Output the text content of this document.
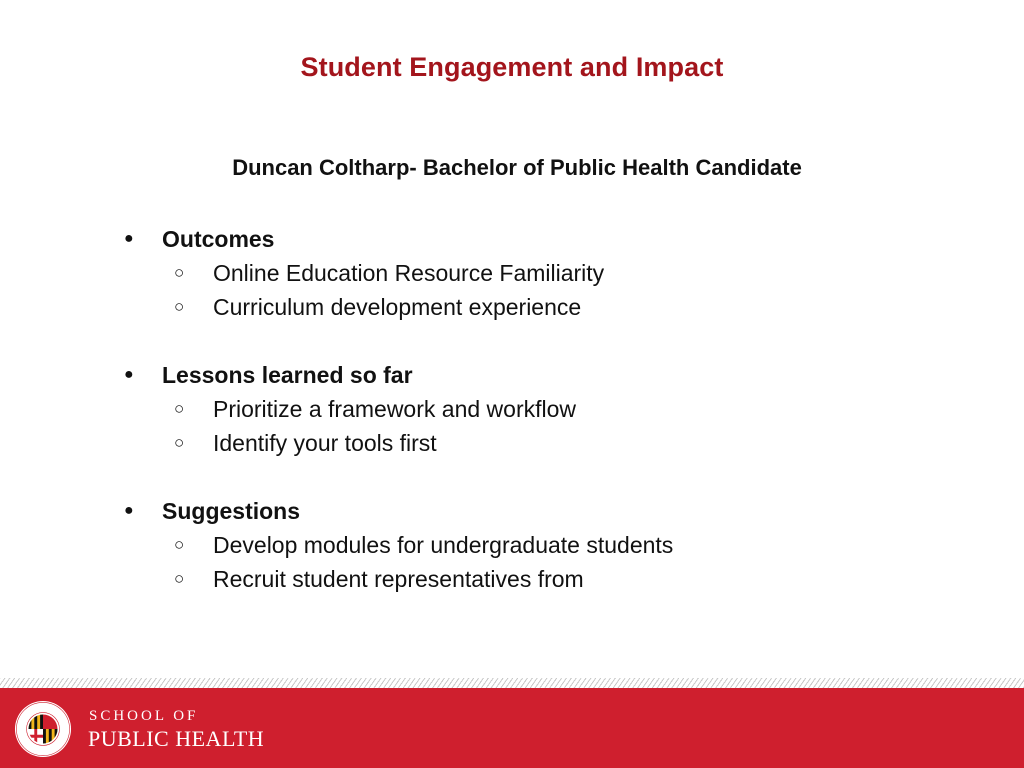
Student Engagement and Impact
Duncan Coltharp- Bachelor of Public Health Candidate
● Outcomes
○ Online Education Resource Familiarity
○ Curriculum development experience
● Lessons learned so far
○ Prioritize a framework and workflow
○ Identify your tools first
● Suggestions
○ Develop modules for undergraduate students
○ Recruit student representatives from
SCHOOL OF
PUBLIC HEALTH
